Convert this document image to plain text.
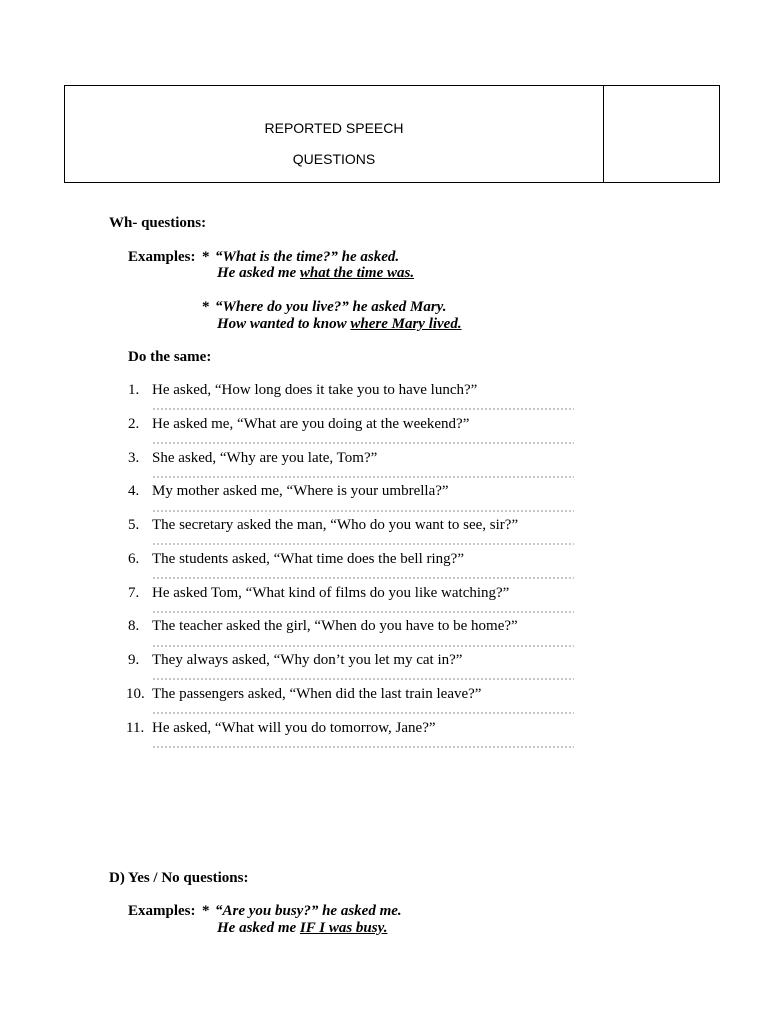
REPORTED SPEECH
QUESTIONS
Wh- questions:
Examples: * “What is the time?” he asked.
He asked me what the time was.
* “Where do you live?” he asked Mary.
How wanted to know where Mary lived.
Do the same:
1. He asked, “How long does it take you to have lunch?”
2. He asked me, “What are you doing at the weekend?”
3. She asked, “Why are you late, Tom?”
4. My mother asked me, “Where is your umbrella?”
5. The secretary asked the man, “Who do you want to see, sir?”
6. The students asked, “What time does the bell ring?”
7. He asked Tom, “What kind of films do you like watching?”
8. The teacher asked the girl, “When do you have to be home?”
9. They always asked, “Why don’t you let my cat in?”
10. The passengers asked, “When did the last train leave?”
11. He asked, “What will you do tomorrow, Jane?”
D) Yes / No questions:
Examples: * “Are you busy?” he asked me.
He asked me IF I was busy.
